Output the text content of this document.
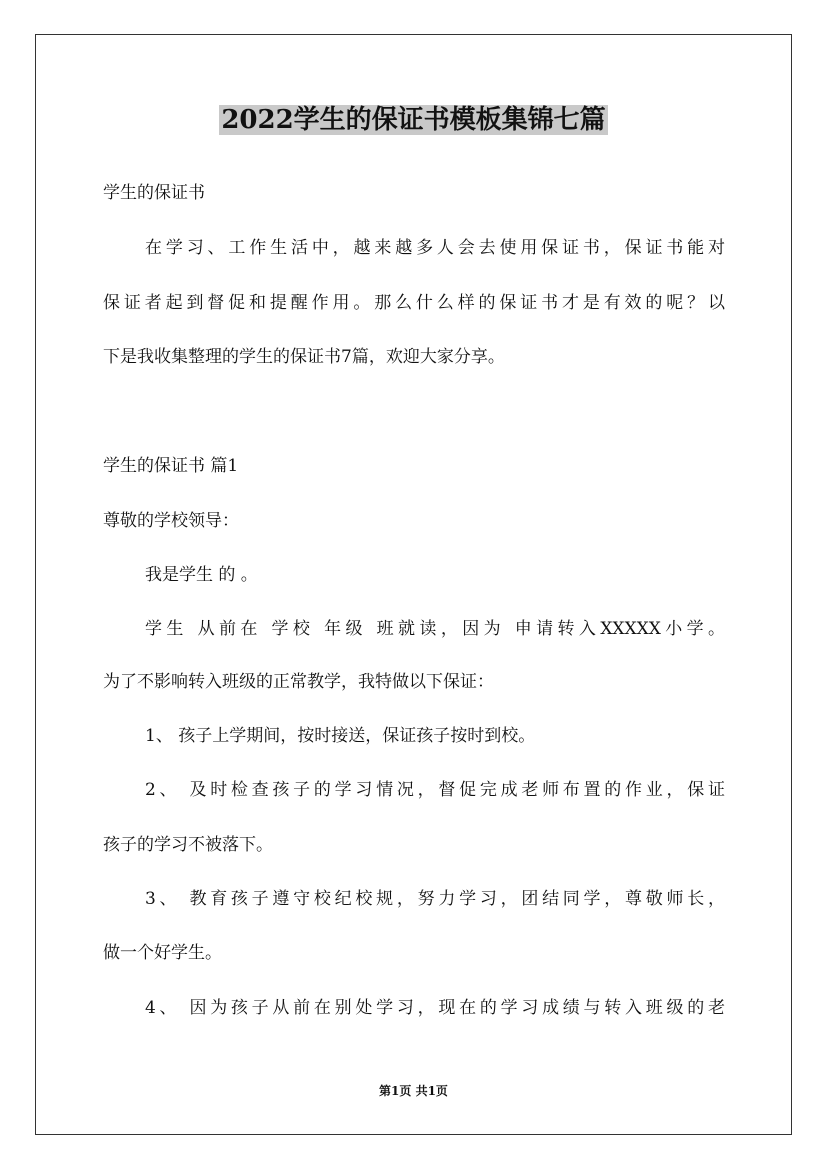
2022学生的保证书模板集锦七篇
学生的保证书
在学习、工作生活中，越来越多人会去使用保证书，保证书能对
保证者起到督促和提醒作用。那么什么样的保证书才是有效的呢？以
下是我收集整理的学生的保证书7篇，欢迎大家分享。
学生的保证书 篇1
尊敬的学校领导：
我是学生 的 。
学生 从前在 学校 年级 班就读，因为 申请转入XXXXX小学。
为了不影响转入班级的正常教学，我特做以下保证：
1、 孩子上学期间，按时接送，保证孩子按时到校。
2、 及时检查孩子的学习情况，督促完成老师布置的作业，保证
孩子的学习不被落下。
3、 教育孩子遵守校纪校规，努力学习，团结同学，尊敬师长，
做一个好学生。
4、 因为孩子从前在别处学习，现在的学习成绩与转入班级的老
第1页 共1页
